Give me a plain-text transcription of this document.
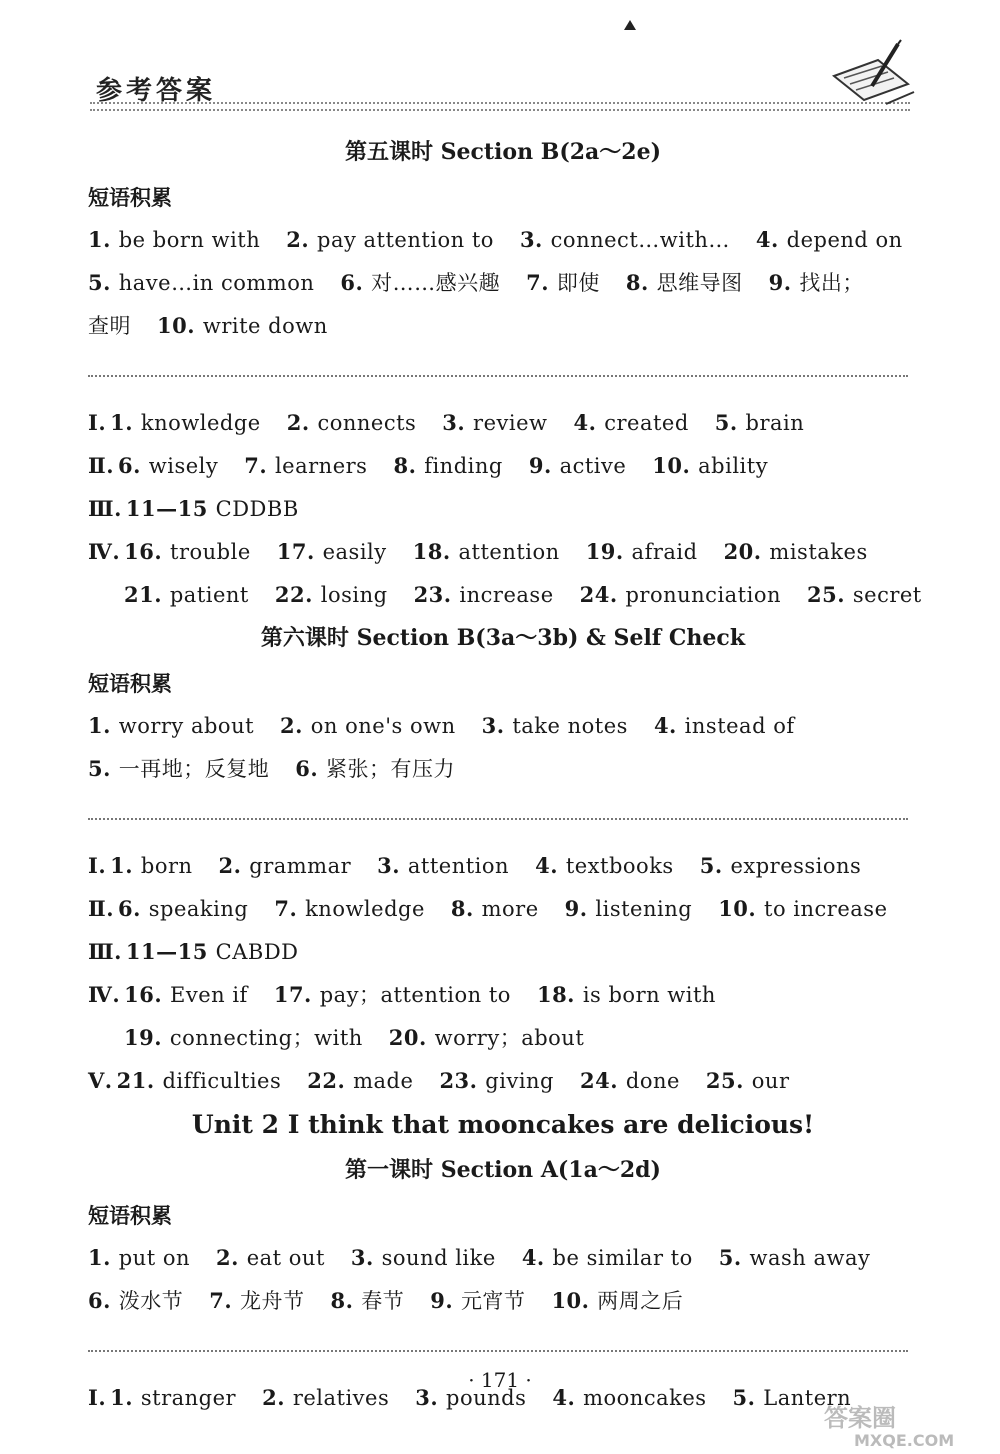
参考答案
第五课时 Section B(2a～2e)
短语积累
1. be born with 2. pay attention to 3. connect…with… 4. depend on
5. have…in common 6. 对……感兴趣 7. 即使 8. 思维导图 9. 找出；
查明 10. write down
Ⅰ. 1. knowledge 2. connects 3. review 4. created 5. brain
Ⅱ. 6. wisely 7. learners 8. finding 9. active 10. ability
Ⅲ. 11—15 CDDBB
Ⅳ. 16. trouble 17. easily 18. attention 19. afraid 20. mistakes
21. patient 22. losing 23. increase 24. pronunciation 25. secret
第六课时 Section B(3a～3b) & Self Check
短语积累
1. worry about 2. on one's own 3. take notes 4. instead of
5. 一再地；反复地 6. 紧张；有压力
Ⅰ. 1. born 2. grammar 3. attention 4. textbooks 5. expressions
Ⅱ. 6. speaking 7. knowledge 8. more 9. listening 10. to increase
Ⅲ. 11—15 CABDD
Ⅳ. 16. Even if 17. pay；attention to 18. is born with
19. connecting；with 20. worry；about
Ⅴ. 21. difficulties 22. made 23. giving 24. done 25. our
Unit 2 I think that mooncakes are delicious!
第一课时 Section A(1a～2d)
短语积累
1. put on 2. eat out 3. sound like 4. be similar to 5. wash away
6. 泼水节 7. 龙舟节 8. 春节 9. 元宵节 10. 两周之后
Ⅰ. 1. stranger 2. relatives 3. pounds 4. mooncakes 5. Lantern
· 171 ·
答案圈
MXQE.COM
